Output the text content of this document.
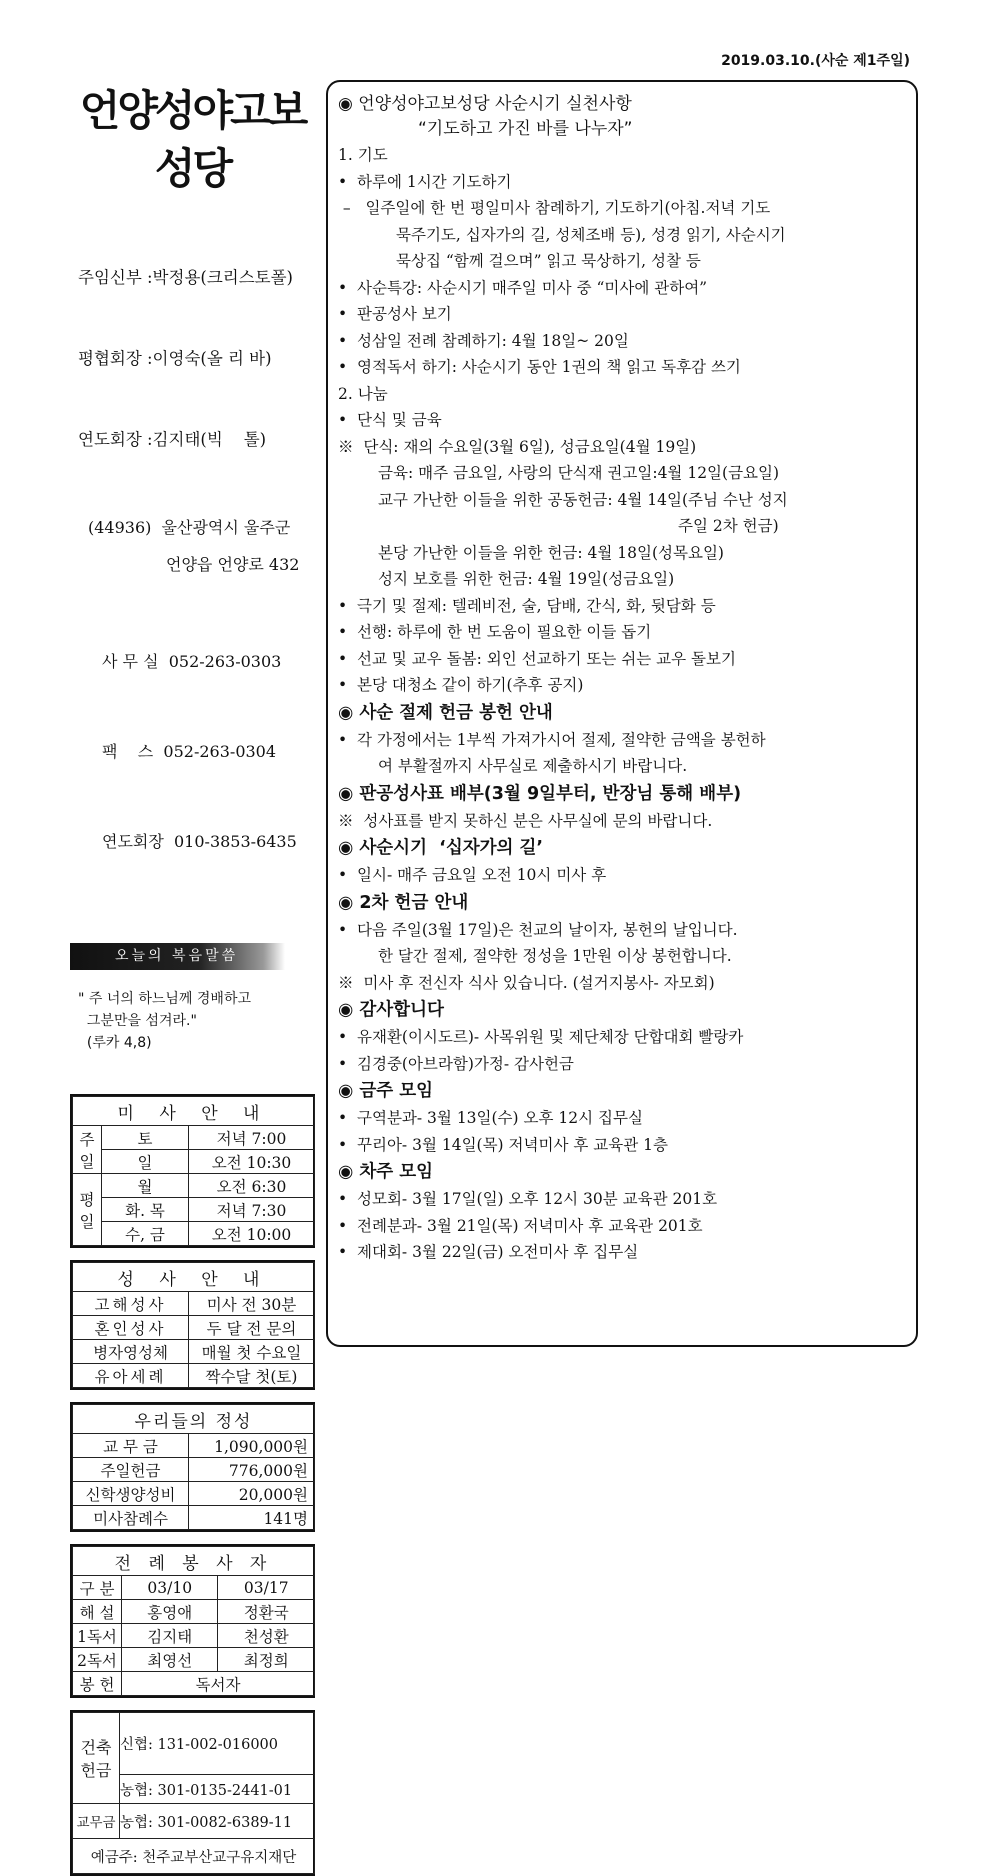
2019.03.10.(사순 제1주일)
언양성야고보
성당

주임신부 :박정용(크리스토폴)

평협회장 :이영숙(올 리 바)

연도회장 :김지태(빅    톨)

(44936)  울산광역시 울주군
언양읍 언양로 432

사 무 실  052-263-0303

팩    스  052-263-0304

연도회장  010-3853-6435

오늘의 복음말씀
" 주 너의 하느님께 경배하고
그분만을 섬겨라."
(루카 4,8)
미 사 안 내		
주일	토	저녁 7:00
	일	오전 10:30
평일	월	오전 6:30
	화. 목	저녁 7:30
	수, 금	오전 10:00
성 사 안 내	
고해성사	미사 전 30분
혼인성사	두 달 전 문의
병자영성체	매월 첫 수요일
유아세례	짝수달 첫(토)
우리들의 정성	
교 무 금	1,090,000원
주일헌금	776,000원
신학생양성비	20,000원
미사참례수	141명
전 례 봉 사 자		
구 분	03/10	03/17
해 설	홍영애	정환국
1독서	김지태	천성환
2독서	최영선	최정희
봉 헌	독서자	
건축헌금	신협: 131-002-016000
	농협: 301-0135-2441-01
교무금	농협: 301-0082-6389-11
예금주: 천주교부산교구유지재단	
◉ 언양성야고보성당 사순시기 실천사항
“기도하고 가진 바를 나누자”
1. 기도
•  하루에 1시간 기도하기
–   일주일에 한 번 평일미사 참례하기, 기도하기(아침.저녁 기도
묵주기도, 십자가의 길, 성체조배 등), 성경 읽기, 사순시기
묵상집 “함께 걸으며” 읽고 묵상하기, 성찰 등
•  사순특강: 사순시기 매주일 미사 중 “미사에 관하여”
•  판공성사 보기
•  성삼일 전례 참례하기: 4월 18일~ 20일
•  영적독서 하기: 사순시기 동안 1권의 책 읽고 독후감 쓰기
2. 나눔
•  단식 및 금육
※  단식: 재의 수요일(3월 6일), 성금요일(4월 19일)
금육: 매주 금요일, 사랑의 단식재 권고일:4월 12일(금요일)
교구 가난한 이들을 위한 공동헌금: 4월 14일(주님 수난 성지
주일 2차 헌금)
본당 가난한 이들을 위한 헌금: 4월 18일(성목요일)
성지 보호를 위한 헌금: 4월 19일(성금요일)
•  극기 및 절제: 텔레비전, 술, 담배, 간식, 화, 뒷담화 등
•  선행: 하루에 한 번 도움이 필요한 이들 돕기
•  선교 및 교우 돌봄: 외인 선교하기 또는 쉬는 교우 돌보기
•  본당 대청소 같이 하기(추후 공지)
◉ 사순 절제 헌금 봉헌 안내
•  각 가정에서는 1부씩 가져가시어 절제, 절약한 금액을 봉헌하
여 부활절까지 사무실로 제출하시기 바랍니다.
◉ 판공성사표 배부(3월 9일부터, 반장님 통해 배부)
※  성사표를 받지 못하신 분은 사무실에 문의 바랍니다.
◉ 사순시기  ‘십자가의 길’
•  일시- 매주 금요일 오전 10시 미사 후
◉ 2차 헌금 안내
•  다음 주일(3월 17일)은 천교의 날이자, 봉헌의 날입니다.
한 달간 절제, 절약한 정성을 1만원 이상 봉헌합니다.
※  미사 후 전신자 식사 있습니다. (설거지봉사- 자모회)
◉ 감사합니다
•  유재환(이시도르)- 사목위원 및 제단체장 단합대회 빨랑카
•  김경중(아브라함)가정- 감사헌금
◉ 금주 모임
•  구역분과- 3월 13일(수) 오후 12시 집무실
•  꾸리아- 3월 14일(목) 저녁미사 후 교육관 1층
◉ 차주 모임
•  성모회- 3월 17일(일) 오후 12시 30분 교육관 201호
•  전례분과- 3월 21일(목) 저녁미사 후 교육관 201호
•  제대회- 3월 22일(금) 오전미사 후 집무실
